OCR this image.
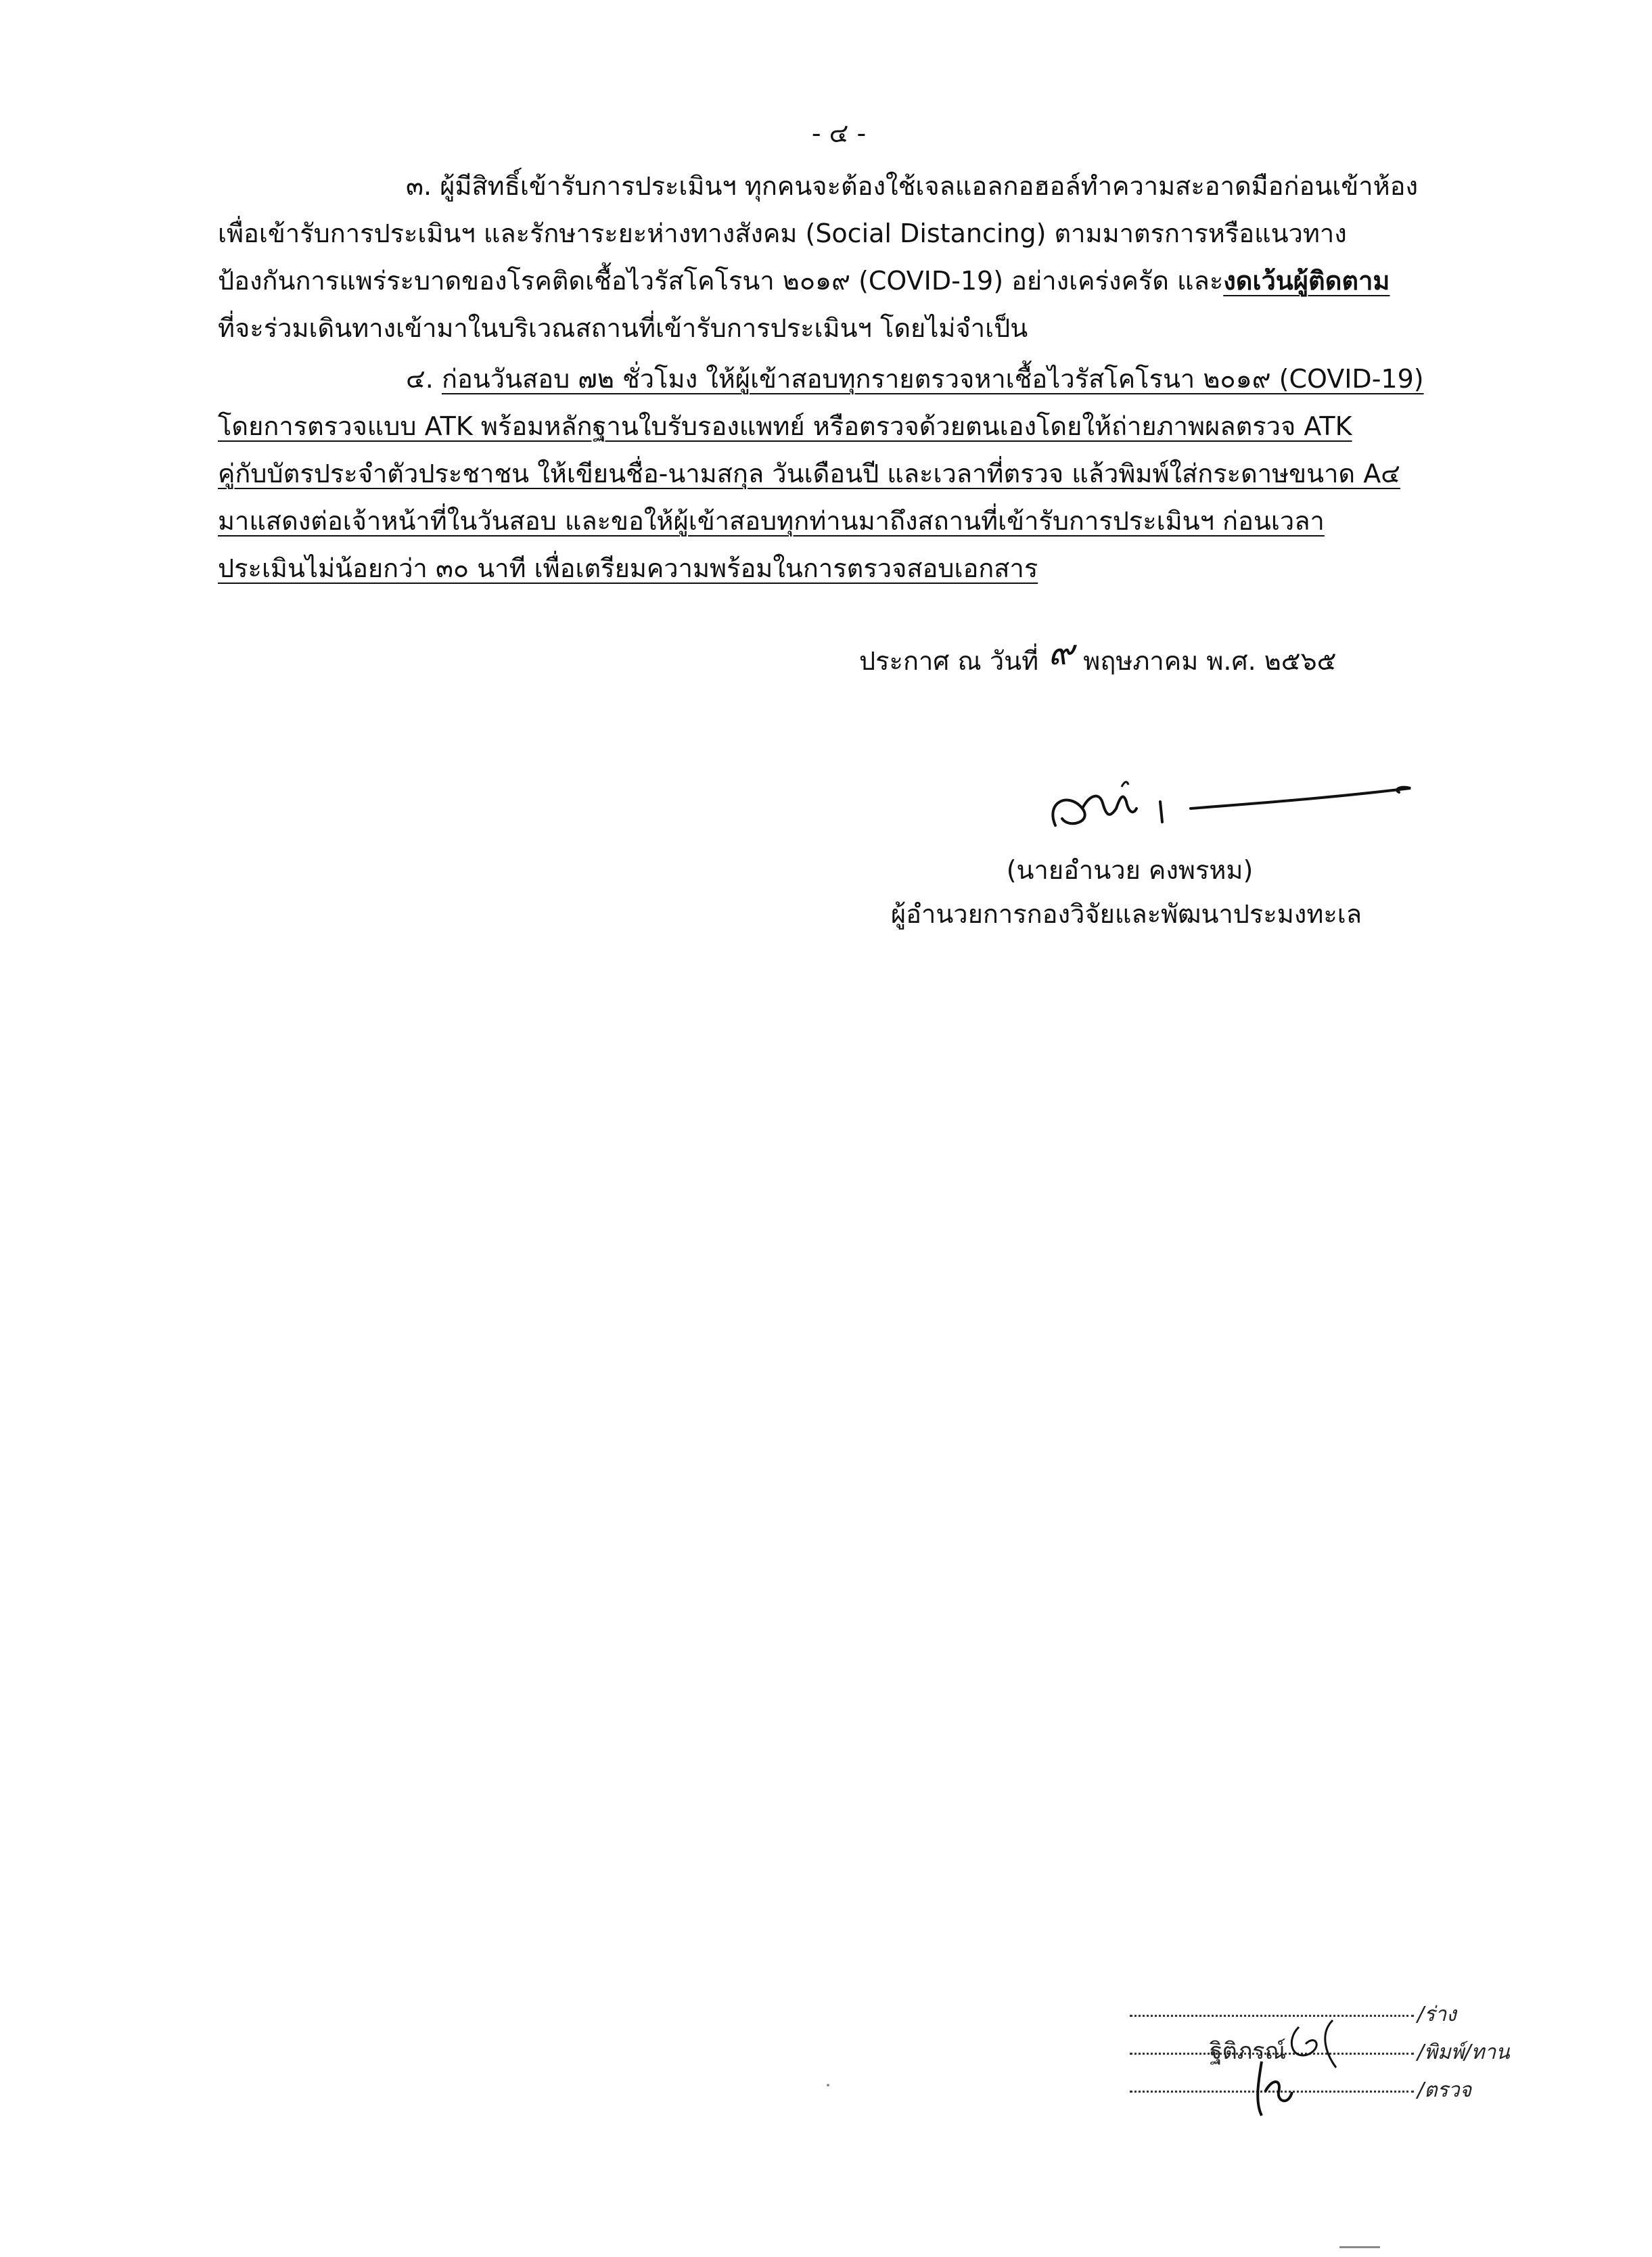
- ๔ -
๓. ผู้มีสิทธิ์เข้ารับการประเมินฯ ทุกคนจะต้องใช้เจลแอลกอฮอล์ทำความสะอาดมือก่อนเข้าห้อง
เพื่อเข้ารับการประเมินฯ และรักษาระยะห่างทางสังคม (Social Distancing) ตามมาตรการหรือแนวทาง
ป้องกันการแพร่ระบาดของโรคติดเชื้อไวรัสโคโรนา ๒๐๑๙ (COVID-19) อย่างเคร่งครัด และงดเว้นผู้ติดตาม
ที่จะร่วมเดินทางเข้ามาในบริเวณสถานที่เข้ารับการประเมินฯ โดยไม่จำเป็น
๔. ก่อนวันสอบ ๗๒ ชั่วโมง ให้ผู้เข้าสอบทุกรายตรวจหาเชื้อไวรัสโคโรนา ๒๐๑๙ (COVID-19)
โดยการตรวจแบบ ATK พร้อมหลักฐานใบรับรองแพทย์ หรือตรวจด้วยตนเองโดยให้ถ่ายภาพผลตรวจ ATK
คู่กับบัตรประจำตัวประชาชน ให้เขียนชื่อ-นามสกุล วันเดือนปี และเวลาที่ตรวจ แล้วพิมพ์ใส่กระดาษขนาด A๔
มาแสดงต่อเจ้าหน้าที่ในวันสอบ และขอให้ผู้เข้าสอบทุกท่านมาถึงสถานที่เข้ารับการประเมินฯ ก่อนเวลา
ประเมินไม่น้อยกว่า ๓๐ นาที เพื่อเตรียมความพร้อมในการตรวจสอบเอกสาร
ประกาศ ณ วันที่ ๙ พฤษภาคม พ.ศ. ๒๕๖๕
(นายอำนวย คงพรหม)
ผู้อำนวยการกองวิจัยและพัฒนาประมงทะเล
/ร่าง
ฐิติภรณ์	/พิมพ์/ทาน
/ตรวจ
